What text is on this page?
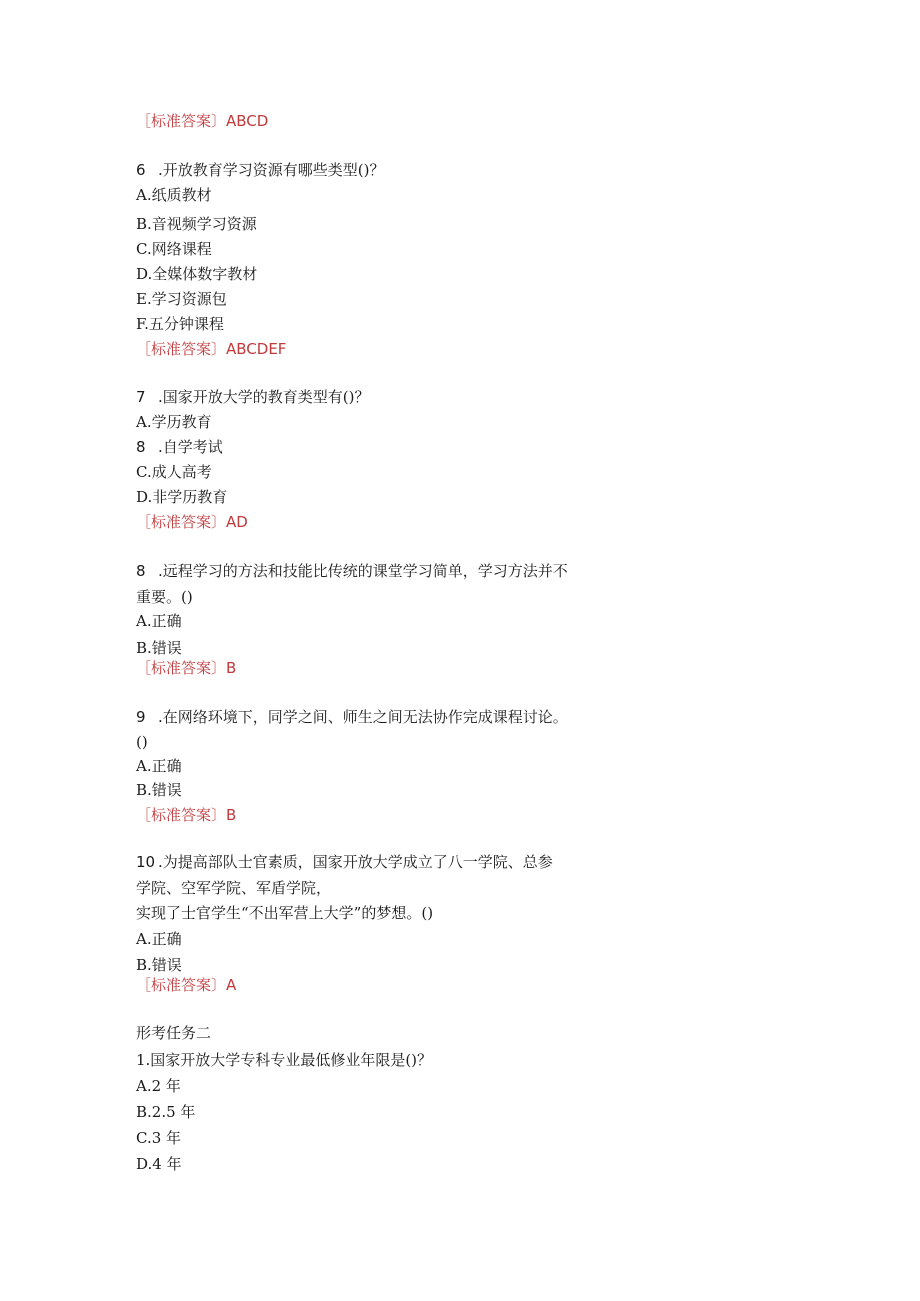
［标准答案〕ABCD
6 .开放教育学习资源有哪些类型()？
A.纸质教材
B.音视频学习资源
C.网络课程
D.全媒体数字教材
E.学习资源包
F.五分钟课程
［标准答案〕ABCDEF
7 .国家开放大学的教育类型有()？
A.学历教育
8 .自学考试
C.成人高考
D.非学历教育
［标准答案〕AD
8 .远程学习的方法和技能比传统的课堂学习简单，学习方法并不
重要。()
A.正确
B.错误
［标准答案〕B
9 .在网络环境下，同学之间、师生之间无法协作完成课程讨论。
()
A.正确
B.错误
［标准答案〕B
10 .为提高部队士官素质，国家开放大学成立了八一学院、总参
学院、空军学院、军盾学院，
实现了士官学生“不出军营上大学”的梦想。()
A.正确
B.错误
［标准答案〕A
形考任务二
1.国家开放大学专科专业最低修业年限是()？
A.2 年
B.2.5 年
C.3 年
D.4 年
